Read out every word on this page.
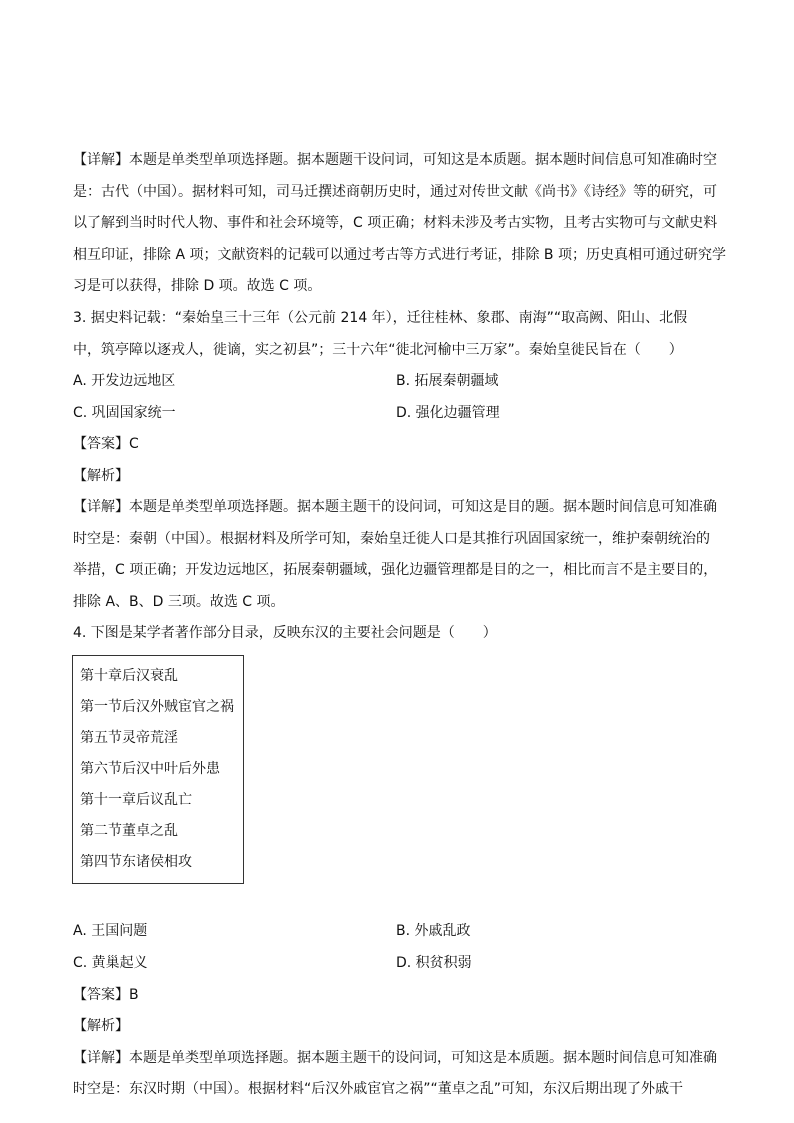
【详解】本题是单类型单项选择题。据本题题干设问词，可知这是本质题。据本题时间信息可知准确时空
是：古代（中国）。据材料可知，司马迁撰述商朝历史时，通过对传世文献《尚书》《诗经》等的研究，可
以了解到当时时代人物、事件和社会环境等，C 项正确；材料未涉及考古实物，且考古实物可与文献史料
相互印证，排除 A 项；文献资料的记载可以通过考古等方式进行考证，排除 B 项；历史真相可通过研究学
习是可以获得，排除 D 项。故选 C 项。
3. 据史料记载：“秦始皇三十三年（公元前 214 年），迁往桂林、象郡、南海”“取高阙、阳山、北假
中，筑亭障以逐戎人，徙谪，实之初县”；三十六年“徙北河榆中三万家”。秦始皇徙民旨在（　　）
A. 开发边远地区	B. 拓展秦朝疆域
C. 巩固国家统一	D. 强化边疆管理
【答案】C
【解析】
【详解】本题是单类型单项选择题。据本题主题干的设问词，可知这是目的题。据本题时间信息可知准确
时空是：秦朝（中国）。根据材料及所学可知，秦始皇迁徙人口是其推行巩固国家统一，维护秦朝统治的
举措，C 项正确；开发边远地区，拓展秦朝疆域，强化边疆管理都是目的之一，相比而言不是主要目的，
排除 A、B、D 三项。故选 C 项。
4. 下图是某学者著作部分目录，反映东汉的主要社会问题是（　　）
第十章后汉衰乱
第一节后汉外贼宦官之祸
第五节灵帝荒淫
第六节后汉中叶后外患
第十一章后议乱亡
第二节董卓之乱
第四节东诸侯相攻
A. 王国问题	B. 外戚乱政
C. 黄巢起义	D. 积贫积弱
【答案】B
【解析】
【详解】本题是单类型单项选择题。据本题主题干的设问词，可知这是本质题。据本题时间信息可知准确
时空是：东汉时期（中国）。根据材料“后汉外戚宦官之祸”“董卓之乱”可知，东汉后期出现了外戚干
